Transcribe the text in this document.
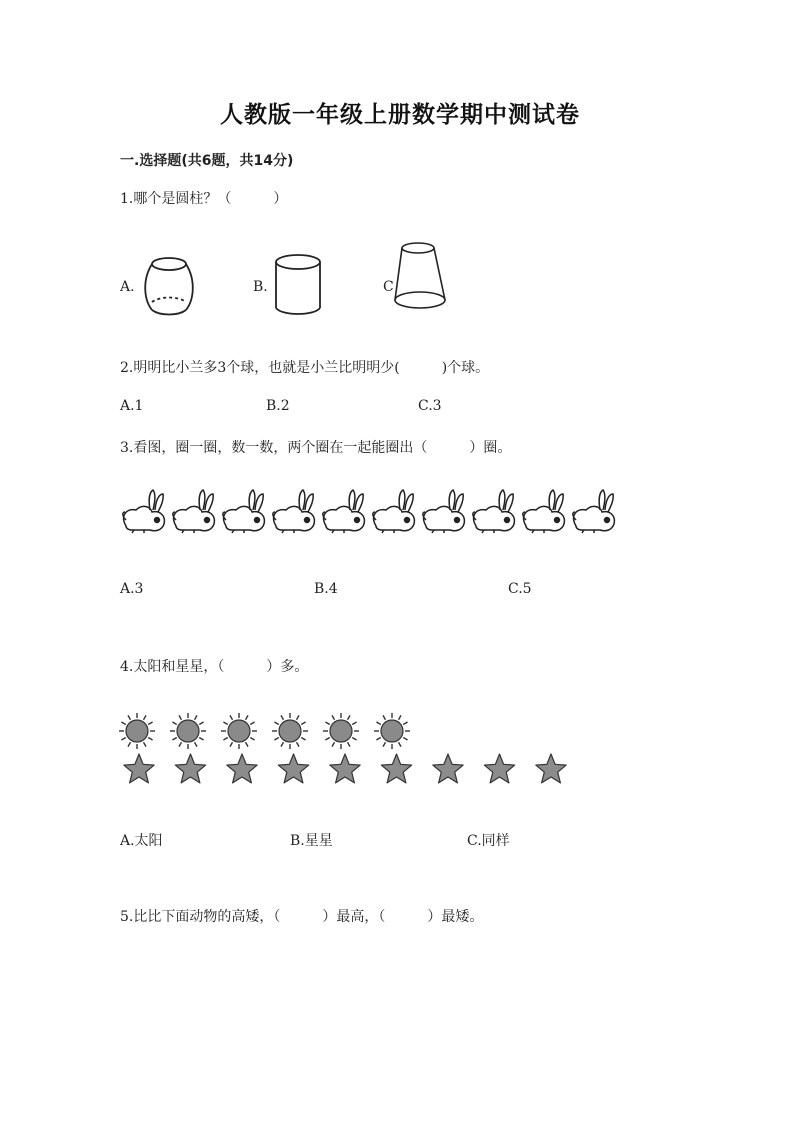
人教版一年级上册数学期中测试卷
一.选择题(共6题，共14分)
1.哪个是圆柱？（　　　）
A.	B.	C
2.明明比小兰多3个球，也就是小兰比明明少(　　　)个球。
A.1	B.2	C.3
3.看图，圈一圈，数一数，两个圈在一起能圈出（　　　）圈。
A.3	B.4	C.5
4.太阳和星星，（　　　）多。
A.太阳	B.星星	C.同样
5.比比下面动物的高矮，（　　　）最高，（　　　）最矮。
